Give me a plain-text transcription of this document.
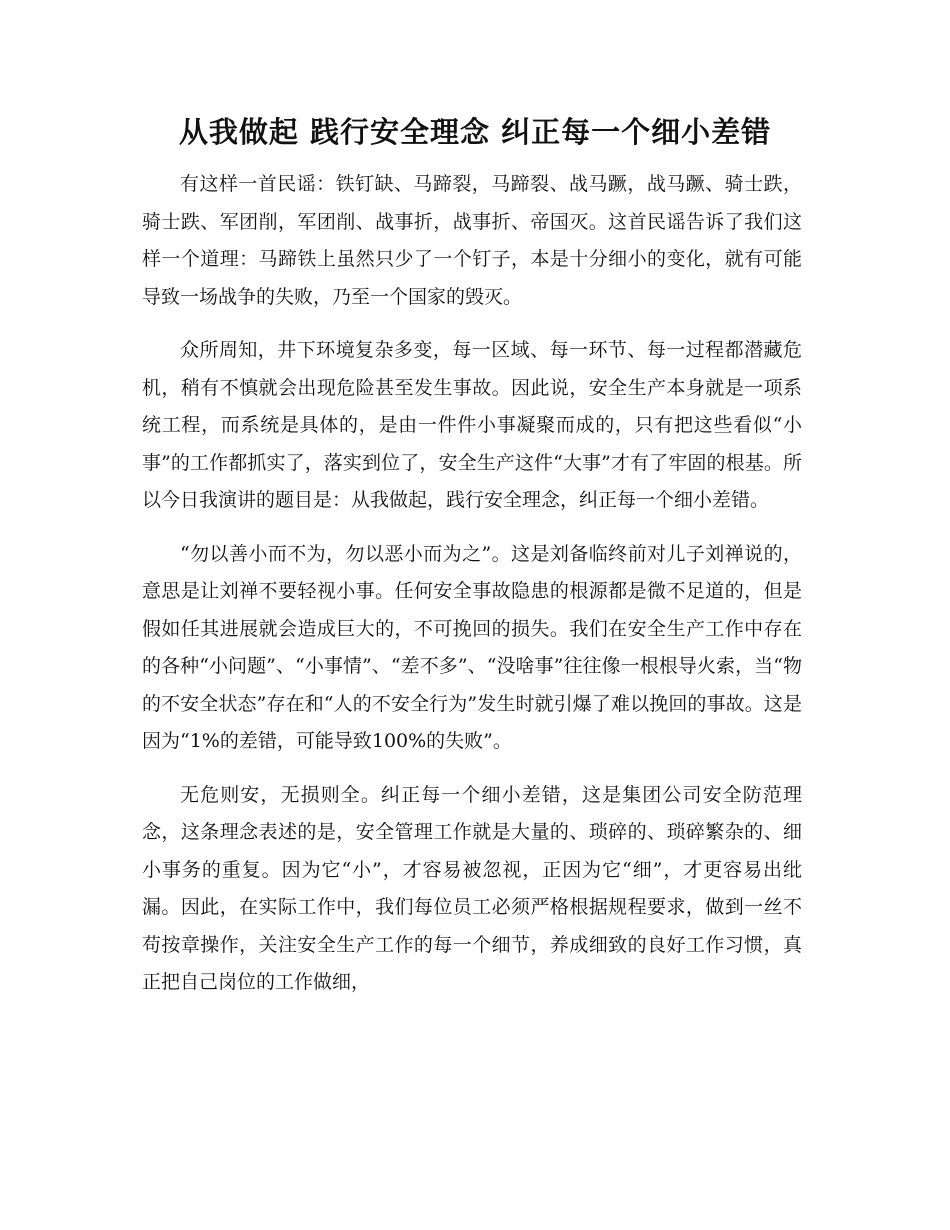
从我做起 践行安全理念 纠正每一个细小差错

有这样一首民谣：铁钉缺、马蹄裂，马蹄裂、战马蹶，战马蹶、骑士跌，骑士跌、军团削，军团削、战事折，战事折、帝国灭。这首民谣告诉了我们这样一个道理：马蹄铁上虽然只少了一个钉子，本是十分细小的变化，就有可能导致一场战争的失败，乃至一个国家的毁灭。

众所周知，井下环境复杂多变，每一区域、每一环节、每一过程都潜藏危机，稍有不慎就会出现危险甚至发生事故。因此说，安全生产本身就是一项系统工程，而系统是具体的，是由一件件小事凝聚而成的，只有把这些看似“小事”的工作都抓实了，落实到位了，安全生产这件“大事”才有了牢固的根基。所以今日我演讲的题目是：从我做起，践行安全理念，纠正每一个细小差错。

“勿以善小而不为，勿以恶小而为之”。这是刘备临终前对儿子刘禅说的，意思是让刘禅不要轻视小事。任何安全事故隐患的根源都是微不足道的，但是假如任其进展就会造成巨大的，不可挽回的损失。我们在安全生产工作中存在的各种“小问题”、“小事情”、“差不多”、“没啥事”往往像一根根导火索，当“物的不安全状态”存在和“人的不安全行为”发生时就引爆了难以挽回的事故。这是因为“1%的差错，可能导致100%的失败”。

无危则安，无损则全。纠正每一个细小差错，这是集团公司安全防范理念，这条理念表述的是，安全管理工作就是大量的、琐碎的、琐碎繁杂的、细小事务的重复。因为它“小”，才容易被忽视，正因为它“细”，才更容易出纰漏。因此，在实际工作中，我们每位员工必须严格根据规程要求，做到一丝不苟按章操作，关注安全生产工作的每一个细节，养成细致的良好工作习惯，真正把自己岗位的工作做细，
